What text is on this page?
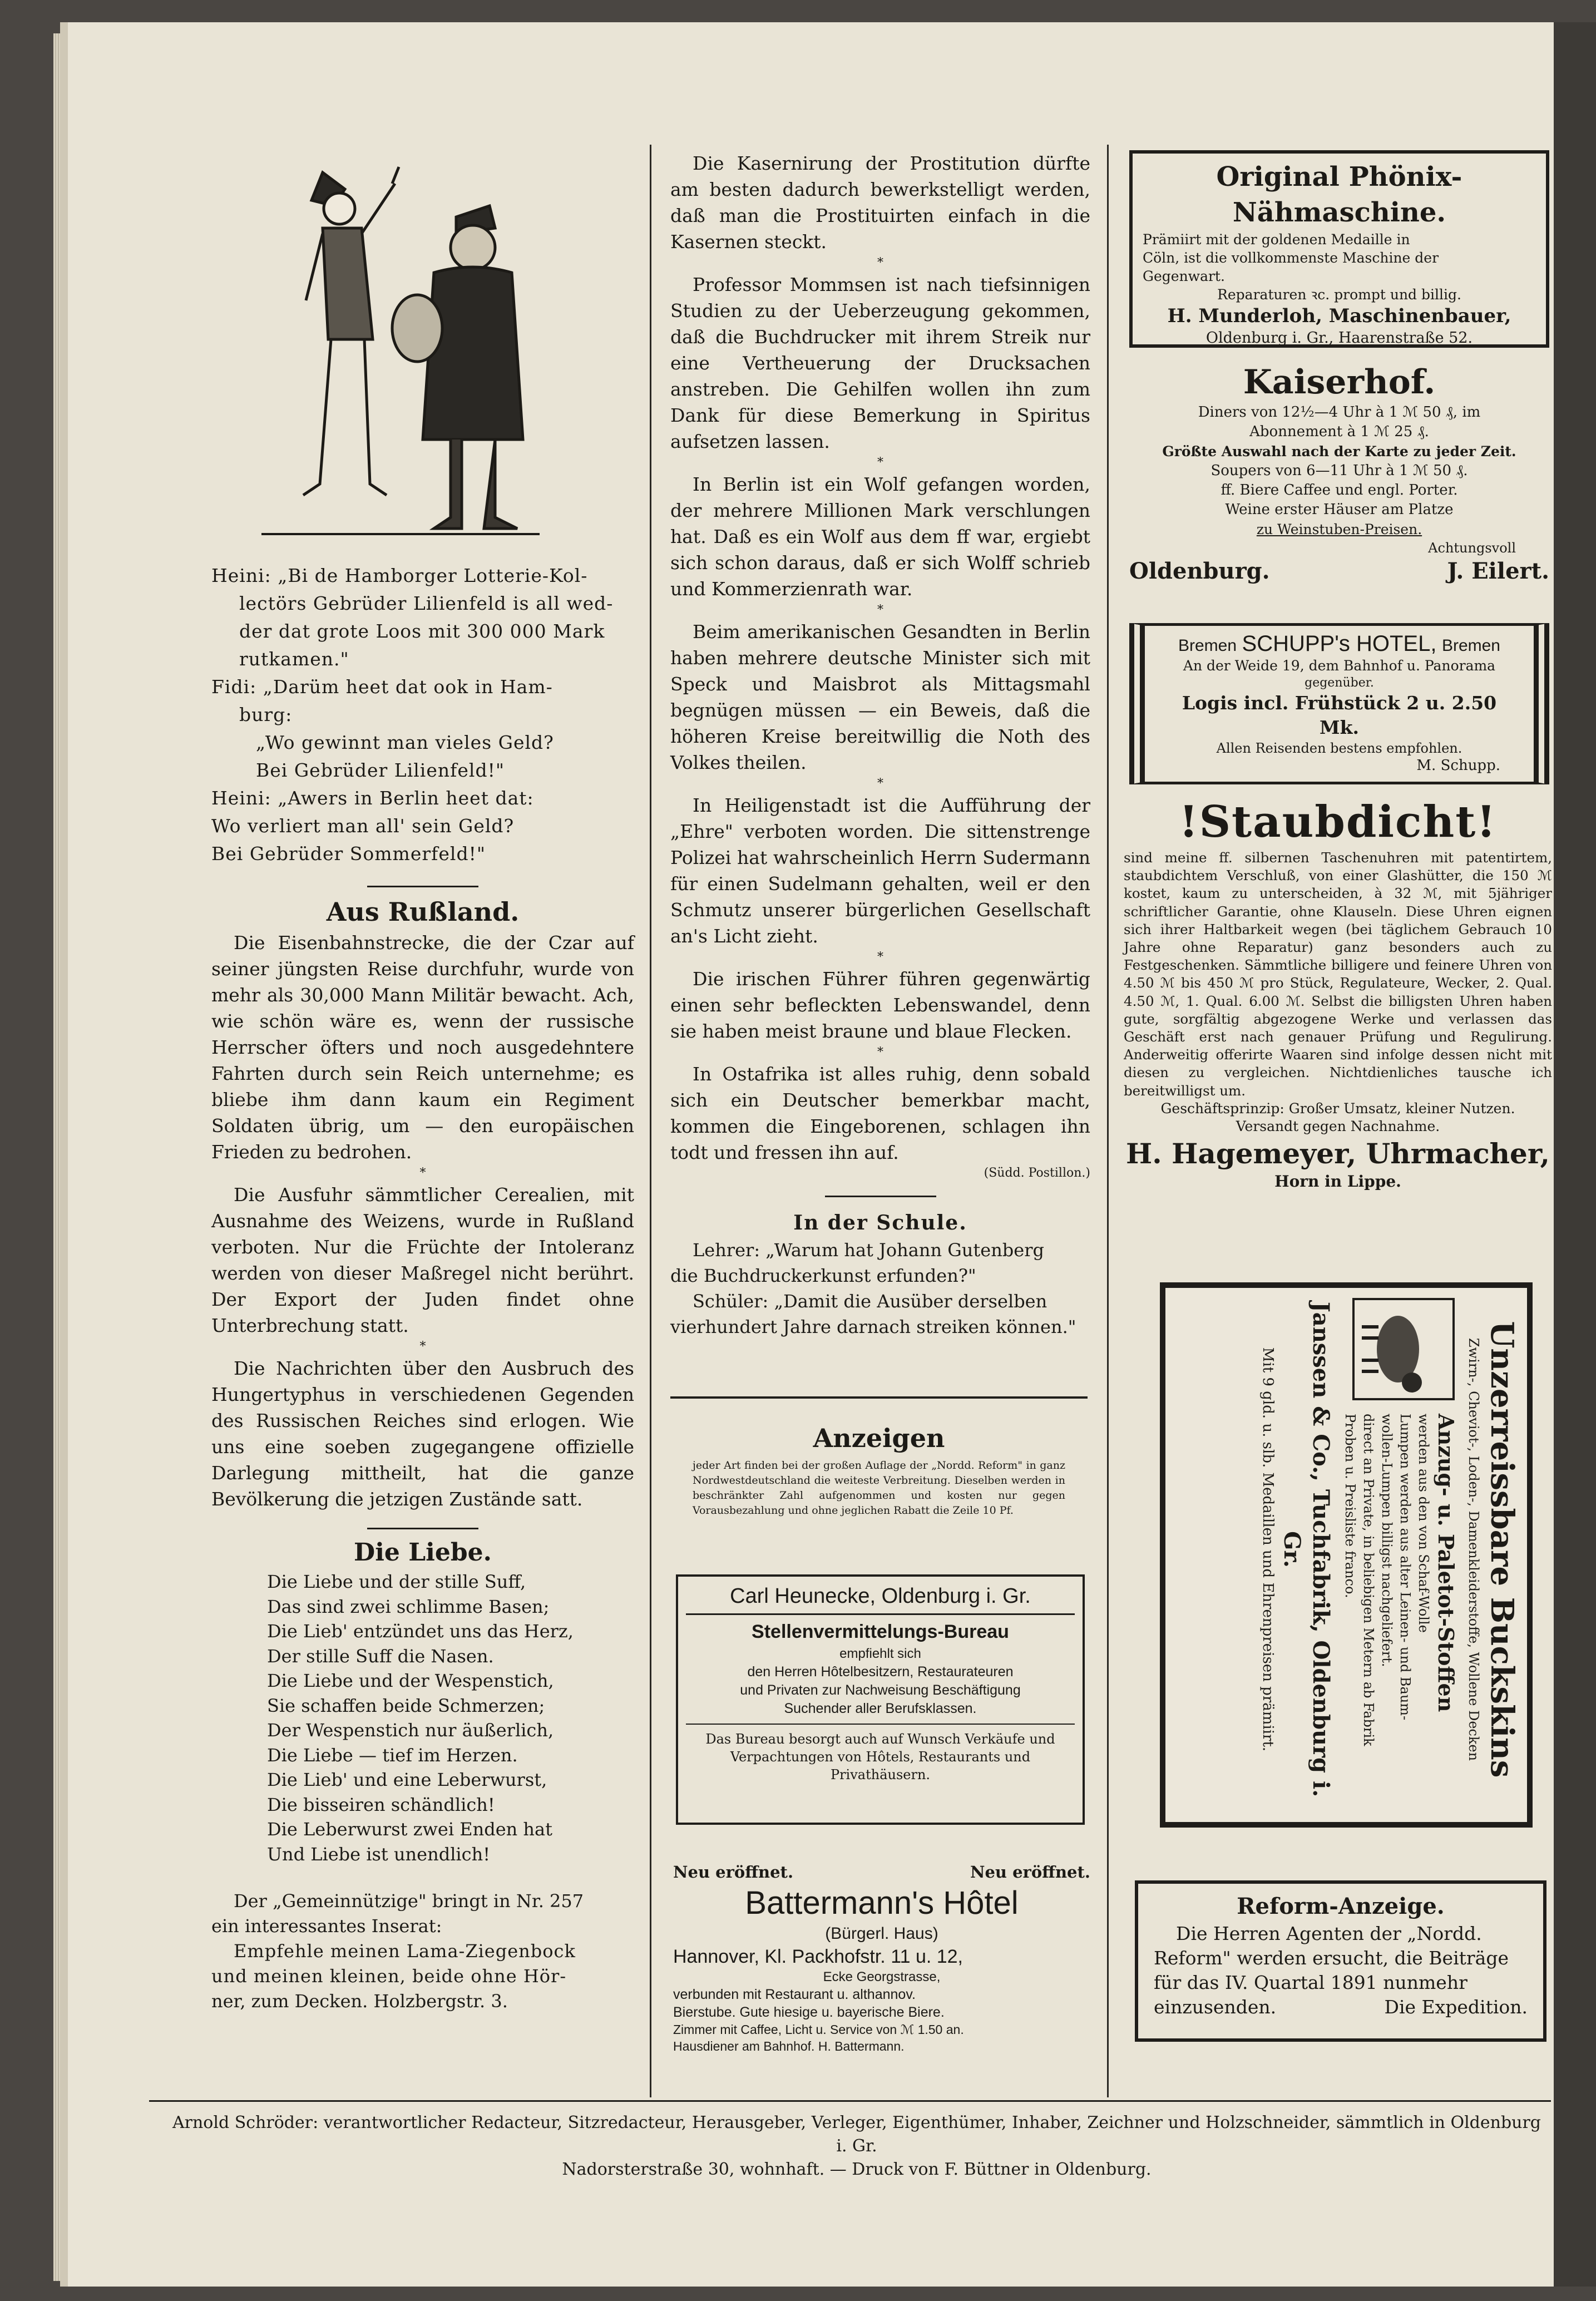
Heini: „Bi de Hamborger Lotterie-Kol-

lectörs Gebrüder Lilienfeld is all wed-

der dat grote Loos mit 300 000 Mark

rutkamen."

Fidi: „Darüm heet dat ook in Ham-

burg:

„Wo gewinnt man vieles Geld?

Bei Gebrüder Lilienfeld!"

Heini: „Awers in Berlin heet dat:

Wo verliert man all' sein Geld?

Bei Gebrüder Sommerfeld!"

Aus Rußland.

Die Eisenbahnstrecke, die der Czar auf seiner jüngsten Reise durchfuhr, wurde von mehr als 30,000 Mann Militär bewacht. Ach, wie schön wäre es, wenn der russische Herrscher öfters und noch ausgedehntere Fahrten durch sein Reich unternehme; es bliebe ihm dann kaum ein Regiment Soldaten übrig, um — den europäischen Frieden zu bedrohen.

*

Die Ausfuhr sämmtlicher Cerealien, mit Ausnahme des Weizens, wurde in Rußland verboten. Nur die Früchte der Intoleranz werden von dieser Maßregel nicht berührt. Der Export der Juden findet ohne Unterbrechung statt.

*

Die Nachrichten über den Ausbruch des Hungertyphus in verschiedenen Gegenden des Russischen Reiches sind erlogen. Wie uns eine soeben zugegangene offizielle Darlegung mittheilt, hat die ganze Bevölkerung die jetzigen Zustände satt.

Die Liebe.

Die Liebe und der stille Suff,

Das sind zwei schlimme Basen;

Die Lieb' entzündet uns das Herz,

Der stille Suff die Nasen.

Die Liebe und der Wespenstich,

Sie schaffen beide Schmerzen;

Der Wespenstich nur äußerlich,

Die Liebe — tief im Herzen.

Die Lieb' und eine Leberwurst,

Die bisseiren schändlich!

Die Leberwurst zwei Enden hat

Und Liebe ist unendlich!

Der „Gemeinnützige" bringt in Nr. 257

ein interessantes Inserat:

Empfehle meinen Lama-Ziegenbock

und meinen kleinen, beide ohne Hör-

ner, zum Decken. Holzbergstr. 3.

Die Kasernirung der Prostitution dürfte am besten dadurch bewerkstelligt werden, daß man die Prostituirten einfach in die Kasernen steckt.

*

Professor Mommsen ist nach tiefsinnigen Studien zu der Ueberzeugung gekommen, daß die Buchdrucker mit ihrem Streik nur eine Vertheuerung der Drucksachen anstreben. Die Gehilfen wollen ihn zum Dank für diese Bemerkung in Spiritus aufsetzen lassen.

*

In Berlin ist ein Wolf gefangen worden, der mehrere Millionen Mark verschlungen hat. Daß es ein Wolf aus dem ff war, ergiebt sich schon daraus, daß er sich Wolff schrieb und Kommerzienrath war.

*

Beim amerikanischen Gesandten in Berlin haben mehrere deutsche Minister sich mit Speck und Maisbrot als Mittagsmahl begnügen müssen — ein Beweis, daß die höheren Kreise bereitwillig die Noth des Volkes theilen.

*

In Heiligenstadt ist die Aufführung der „Ehre" verboten worden. Die sittenstrenge Polizei hat wahrscheinlich Herrn Sudermann für einen Sudelmann gehalten, weil er den Schmutz unserer bürgerlichen Gesellschaft an's Licht zieht.

*

Die irischen Führer führen gegenwärtig einen sehr befleckten Lebenswandel, denn sie haben meist braune und blaue Flecken.

*

In Ostafrika ist alles ruhig, denn sobald sich ein Deutscher bemerkbar macht, kommen die Eingeborenen, schlagen ihn todt und fressen ihn auf.

(Südd. Postillon.)

In der Schule.

Lehrer: „Warum hat Johann Gutenberg

die Buchdruckerkunst erfunden?"

Schüler: „Damit die Ausüber derselben

vierhundert Jahre darnach streiken können."

Anzeigen

jeder Art finden bei der großen Auflage der „Nordd. Reform" in ganz Nordwestdeutschland die weiteste Verbreitung. Dieselben werden in beschränkter Zahl aufgenommen und kosten nur gegen Vorausbezahlung und ohne jeglichen Rabatt die Zeile 10 Pf.

Carl Heunecke, Oldenburg i. Gr.
Stellenvermittelungs-Bureau
empfiehlt sich
den Herren Hôtelbesitzern, Restaurateuren
und Privaten zur Nachweisung Beschäftigung
Suchender aller Berufsklassen.
Das Bureau besorgt auch auf Wunsch Verkäufe und Verpachtungen von Hôtels, Restaurants und Privathäusern.
Neu eröffnet.	Neu eröffnet.
Battermann's Hôtel
(Bürgerl. Haus)
Hannover, Kl. Packhofstr. 11 u. 12,
Ecke Georgstrasse,
verbunden mit Restaurant u. althannov.
Bierstube. Gute hiesige u. bayerische Biere.
Zimmer mit Caffee, Licht u. Service von ℳ 1.50 an.
Hausdiener am Bahnhof. H. Battermann.
Original Phönix-Nähmaschine.
Prämiirt mit der goldenen Medaille in
Cöln, ist die vollkommenste Maschine der
Gegenwart.
Reparaturen ꝛc. prompt und billig.
H. Munderloh, Maschinenbauer,
Oldenburg i. Gr., Haarenstraße 52.
Kaiserhof.
Diners von 12½—4 Uhr à 1 ℳ 50 ₰, im
Abonnement à 1 ℳ 25 ₰.
Größte Auswahl nach der Karte zu jeder Zeit.
Soupers von 6—11 Uhr à 1 ℳ 50 ₰.
ff. Biere Caffee und engl. Porter.
Weine erster Häuser am Platze
zu Weinstuben-Preisen.
Achtungsvoll
Oldenburg.	J. Eilert.
Bremen SCHUPP's HOTEL, Bremen
An der Weide 19, dem Bahnhof u. Panorama
gegenüber.
Logis incl. Frühstück 2 u. 2.50 Mk.
Allen Reisenden bestens empfohlen.
M. Schupp.
!Staubdicht!

sind meine ff. silbernen Taschenuhren mit patentirtem, staubdichtem Verschluß, von einer Glashütter, die 150 ℳ kostet, kaum zu unterscheiden, à 32 ℳ, mit 5jähriger schriftlicher Garantie, ohne Klauseln. Diese Uhren eignen sich ihrer Haltbarkeit wegen (bei täglichem Gebrauch 10 Jahre ohne Reparatur) ganz besonders auch zu Festgeschenken. Sämmtliche billigere und feinere Uhren von 4.50 ℳ bis 450 ℳ pro Stück, Regulateure, Wecker, 2. Qual. 4.50 ℳ, 1. Qual. 6.00 ℳ. Selbst die billigsten Uhren haben gute, sorgfältig abgezogene Werke und verlassen das Geschäft erst nach genauer Prüfung und Regulirung. Anderweitig offerirte Waaren sind infolge dessen nicht mit diesen zu vergleichen. Nichtdienliches tausche ich bereitwilligst um.

Geschäftsprinzip: Großer Umsatz, kleiner Nutzen.
Versandt gegen Nachnahme.
H. Hagemeyer, Uhrmacher,
Horn in Lippe.
Unzerreissbare Buckskins
Zwirn-, Cheviot-, Loden-, Damenkleiderstoffe, Wollene Decken
Anzug- u. Paletot-Stoffen
werden aus den von Schaf-Wolle
Lumpen werden aus alter Leinen- und Baum-
wollen-Lumpen billigst nachgeliefert.
direct an Private, in beliebigen Metern ab Fabrik
Proben u. Preisliste franco.
Janssen & Co., Tuchfabrik, Oldenburg i. Gr.
Mit 9 gld. u. slb. Medaillen und Ehrenpreisen prämiirt.
Reform-Anzeige.
Die Herren Agenten der „Nordd.
Reform" werden ersucht, die Beiträge
für das IV. Quartal 1891 nunmehr
einzusenden.	Die Expedition.
Arnold Schröder: verantwortlicher Redacteur, Sitzredacteur, Herausgeber, Verleger, Eigenthümer, Inhaber, Zeichner und Holzschneider, sämmtlich in Oldenburg i. Gr.
Nadorsterstraße 30, wohnhaft. — Druck von F. Büttner in Oldenburg.
